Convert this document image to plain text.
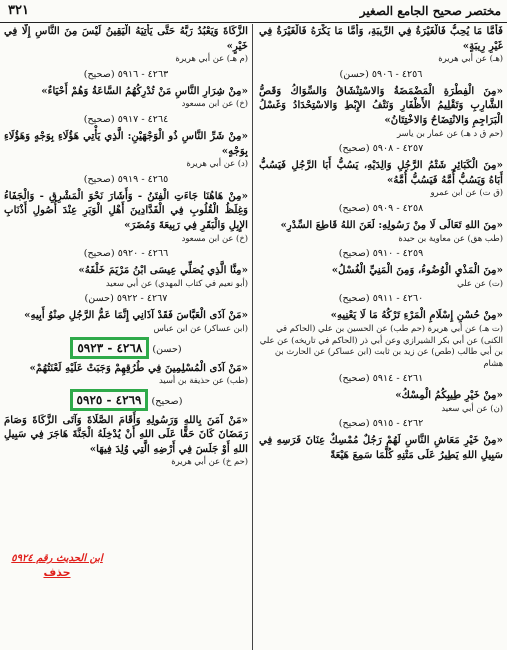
مختصر صحيح الجامع الصغير
٣٢١

فَأَمَّا مَا يُحِبُّ فَالْغَيْرَةُ فِي الرِّيبَةِ، وَأَمَّا مَا يَكْرَهُ فَالْغَيْرَةُ فِي غَيْرِ رِيبَةٍ»

(هـ) عن أبي هريرة

٤٢٥٦ - ٥٩٠٦ (حسن)

«مِنَ الْفِطْرَةِ الْمَضْمَضَةُ وَالاسْتِنْشَاقُ وَالسِّوَاكُ وَقَصُّ الشَّارِبِ وَتَقْلِيمُ الأَظْفَارِ وَنَتْفُ الإِبْطِ وَالاسْتِحْدَادُ وَغَسْلُ الْبَرَاجِمِ وَالانْتِضَاحُ وَالاخْتِتَانُ»

(حم ق د هـ) عن عمار بن ياسر

٤٢٥٧ - ٥٩٠٨ (صحيح)

«مِنَ الْكَبَائِرِ شَتْمُ الرَّجُلِ وَالِدَيْهِ، يَسُبُّ أَبَا الرَّجُلِ فَيَسُبُّ أَبَاهُ وَيَسُبُّ أُمَّهُ فَيَسُبُّ أُمَّهُ»

(ق ت) عن ابن عمرو

٤٢٥٨ - ٥٩٠٩ (صحيح)

«مِنَ اللهِ تَعَالَى لَا مِنْ رَسُولِهِ: لَعَنَ اللهُ قَاطِعَ السِّدْرِ»

(طب هق) عن معاوية بن حيدة

٤٢٥٩ - ٥٩١٠ (صحيح)

«مِنَ الْمَذْيِ الْوُضُوءُ، وَمِنَ الْمَنِيِّ الْغُسْلُ»

(ت) عن علي

٤٢٦٠ - ٥٩١١ (صحيح)

«مِنْ حُسْنِ إِسْلَامِ الْمَرْءِ تَرْكُهُ مَا لَا يَعْنِيهِ»

(ت هـ) عن أبي هريرة (حم طب) عن الحسين بن علي (الحاكم في الكنى) عن أبي بكر الشيرازي وعن أبي ذر (الحاكم في تاريخه) عن علي بن أبي طالب (طص) عن زيد بن ثابت (ابن عساكر) عن الحارث بن هشام

٤٢٦١ - ٥٩١٤ (صحيح)

«مِنْ خَيْرِ طِيبِكُمُ الْمِسْكُ»

(ن) عن أبي سعيد

٤٢٦٢ - ٥٩١٥ (صحيح)

«مِنْ خَيْرِ مَعَاشِ النَّاسِ لَهُمْ رَجُلٌ مُمْسِكٌ عِنَانَ فَرَسِهِ فِي سَبِيلِ اللهِ يَطِيرُ عَلَى مَتْنِهِ كُلَّمَا سَمِعَ هَيْعَةً

الزَّكَاةَ وَيَعْبُدُ رَبَّهُ حَتَّى يَأْتِيَهُ الْيَقِينُ لَيْسَ مِنَ النَّاسِ إِلَّا فِي خَيْرٍ»

(م هـ) عن أبي هريرة

٤٢٦٣ - ٥٩١٦ (صحيح)

«مِنْ شِرَارِ النَّاسِ مَنْ تُدْرِكُهُمُ السَّاعَةُ وَهُمْ أَحْيَاءٌ»

(خ) عن ابن مسعود

٤٢٦٤ - ٥٩١٧ (صحيح)

«مِنْ شَرِّ النَّاسِ ذُو الْوَجْهَيْنِ: الَّذِي يَأْتِي هَؤُلَاءِ بِوَجْهٍ وَهَؤُلَاءِ بِوَجْهٍ»

(د) عن أبي هريرة

٤٢٦٥ - ٥٩١٩ (صحيح)

«مِنْ هَاهُنَا جَاءَتِ الْفِتَنُ - وَأَشَارَ نَحْوَ الْمَشْرِقِ - وَالْجَفَاءُ وَغِلَظُ الْقُلُوبِ فِي الْفَدَّادِينَ أَهْلِ الْوَبَرِ عِنْدَ أُصُولِ أَذْنَابِ الإِبِلِ وَالْبَقَرِ فِي رَبِيعَةَ وَمُضَرَ»

(خ) عن ابن مسعود

٤٢٦٦ - ٥٩٢٠ (صحيح)

«مِنَّا الَّذِي يُصَلِّي عِيسَى ابْنُ مَرْيَمَ خَلْفَهُ»

(أبو نعيم في كتاب المهدي) عن أبي سعيد

٤٢٦٧ - ٥٩٢٢ (حسن)

«مَنْ آذَى الْعَبَّاسَ فَقَدْ آذَانِي إِنَّمَا عَمُّ الرَّجُلِ صِنْوُ أَبِيهِ»

(ابن عساكر) عن ابن عباس

٤٢٦٨ - ٥٩٢٣ (حسن)

«مَنْ آذَى الْمُسْلِمِينَ فِي طُرُقِهِمْ وَجَبَتْ عَلَيْهِ لَعْنَتُهُمْ»

(طب) عن حذيفة بن أسيد

٤٢٦٩ - ٥٩٢٥ (صحيح)

«مَنْ آمَنَ بِاللهِ وَرَسُولِهِ وَأَقَامَ الصَّلَاةَ وَآتَى الزَّكَاةَ وَصَامَ رَمَضَانَ كَانَ حَقًّا عَلَى اللهِ أَنْ يُدْخِلَهُ الْجَنَّةَ هَاجَرَ فِي سَبِيلِ اللهِ أَوْ جَلَسَ فِي أَرْضِهِ الَّتِي وُلِدَ فِيهَا»

(حم خ) عن أبي هريرة

ابن الحديث رقم ٥٩٢٤
حذف
